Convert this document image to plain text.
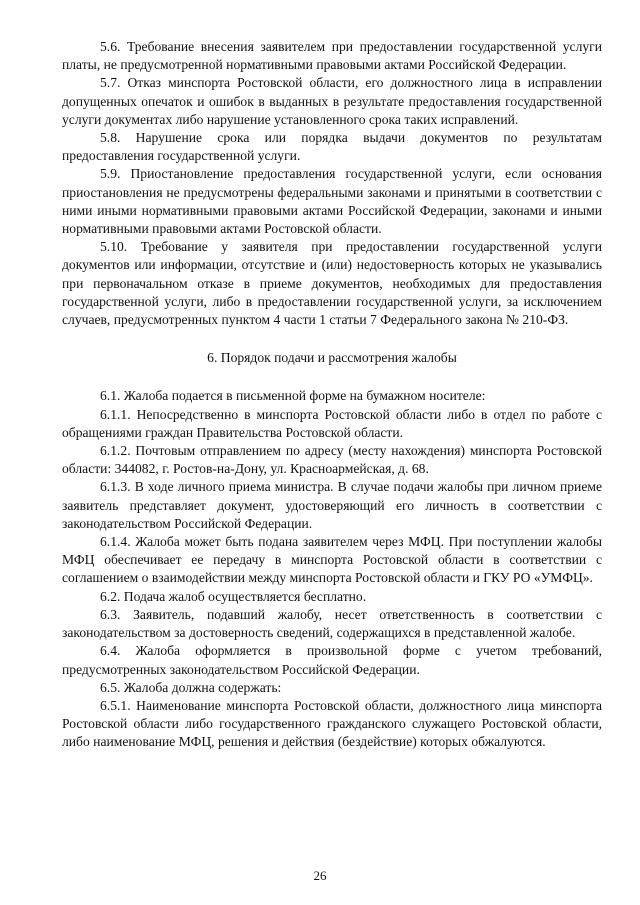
5.6. Требование внесения заявителем при предоставлении государственной услуги платы, не предусмотренной нормативными правовыми актами Российской Федерации.

5.7. Отказ минспорта Ростовской области, его должностного лица в исправлении допущенных опечаток и ошибок в выданных в результате предоставления государственной услуги документах либо нарушение установленного срока таких исправлений.

5.8. Нарушение срока или порядка выдачи документов по результатам предоставления государственной услуги.

5.9. Приостановление предоставления государственной услуги, если основания приостановления не предусмотрены федеральными законами и принятыми в соответствии с ними иными нормативными правовыми актами Российской Федерации, законами и иными нормативными правовыми актами Ростовской области.

5.10. Требование у заявителя при предоставлении государственной услуги документов или информации, отсутствие и (или) недостоверность которых не указывались при первоначальном отказе в приеме документов, необходимых для предоставления государственной услуги, либо в предоставлении государственной услуги, за исключением случаев, предусмотренных пунктом 4 части 1 статьи 7 Федерального закона № 210-ФЗ.

6. Порядок подачи и рассмотрения жалобы

6.1. Жалоба подается в письменной форме на бумажном носителе:

6.1.1. Непосредственно в минспорта Ростовской области либо в отдел по работе с обращениями граждан Правительства Ростовской области.

6.1.2. Почтовым отправлением по адресу (месту нахождения) минспорта Ростовской области: 344082, г. Ростов-на-Дону, ул. Красноармейская, д. 68.

6.1.3. В ходе личного приема министра. В случае подачи жалобы при личном приеме заявитель представляет документ, удостоверяющий его личность в соответствии с законодательством Российской Федерации.

6.1.4. Жалоба может быть подана заявителем через МФЦ. При поступлении жалобы МФЦ обеспечивает ее передачу в минспорта Ростовской области в соответствии с соглашением о взаимодействии между минспорта Ростовской области и ГКУ РО «УМФЦ».

6.2. Подача жалоб осуществляется бесплатно.

6.3. Заявитель, подавший жалобу, несет ответственность в соответствии с законодательством за достоверность сведений, содержащихся в представленной жалобе.

6.4. Жалоба оформляется в произвольной форме с учетом требований, предусмотренных законодательством Российской Федерации.

6.5. Жалоба должна содержать:

6.5.1. Наименование минспорта Ростовской области, должностного лица минспорта Ростовской области либо государственного гражданского служащего Ростовской области, либо наименование МФЦ, решения и действия (бездействие) которых обжалуются.

26
